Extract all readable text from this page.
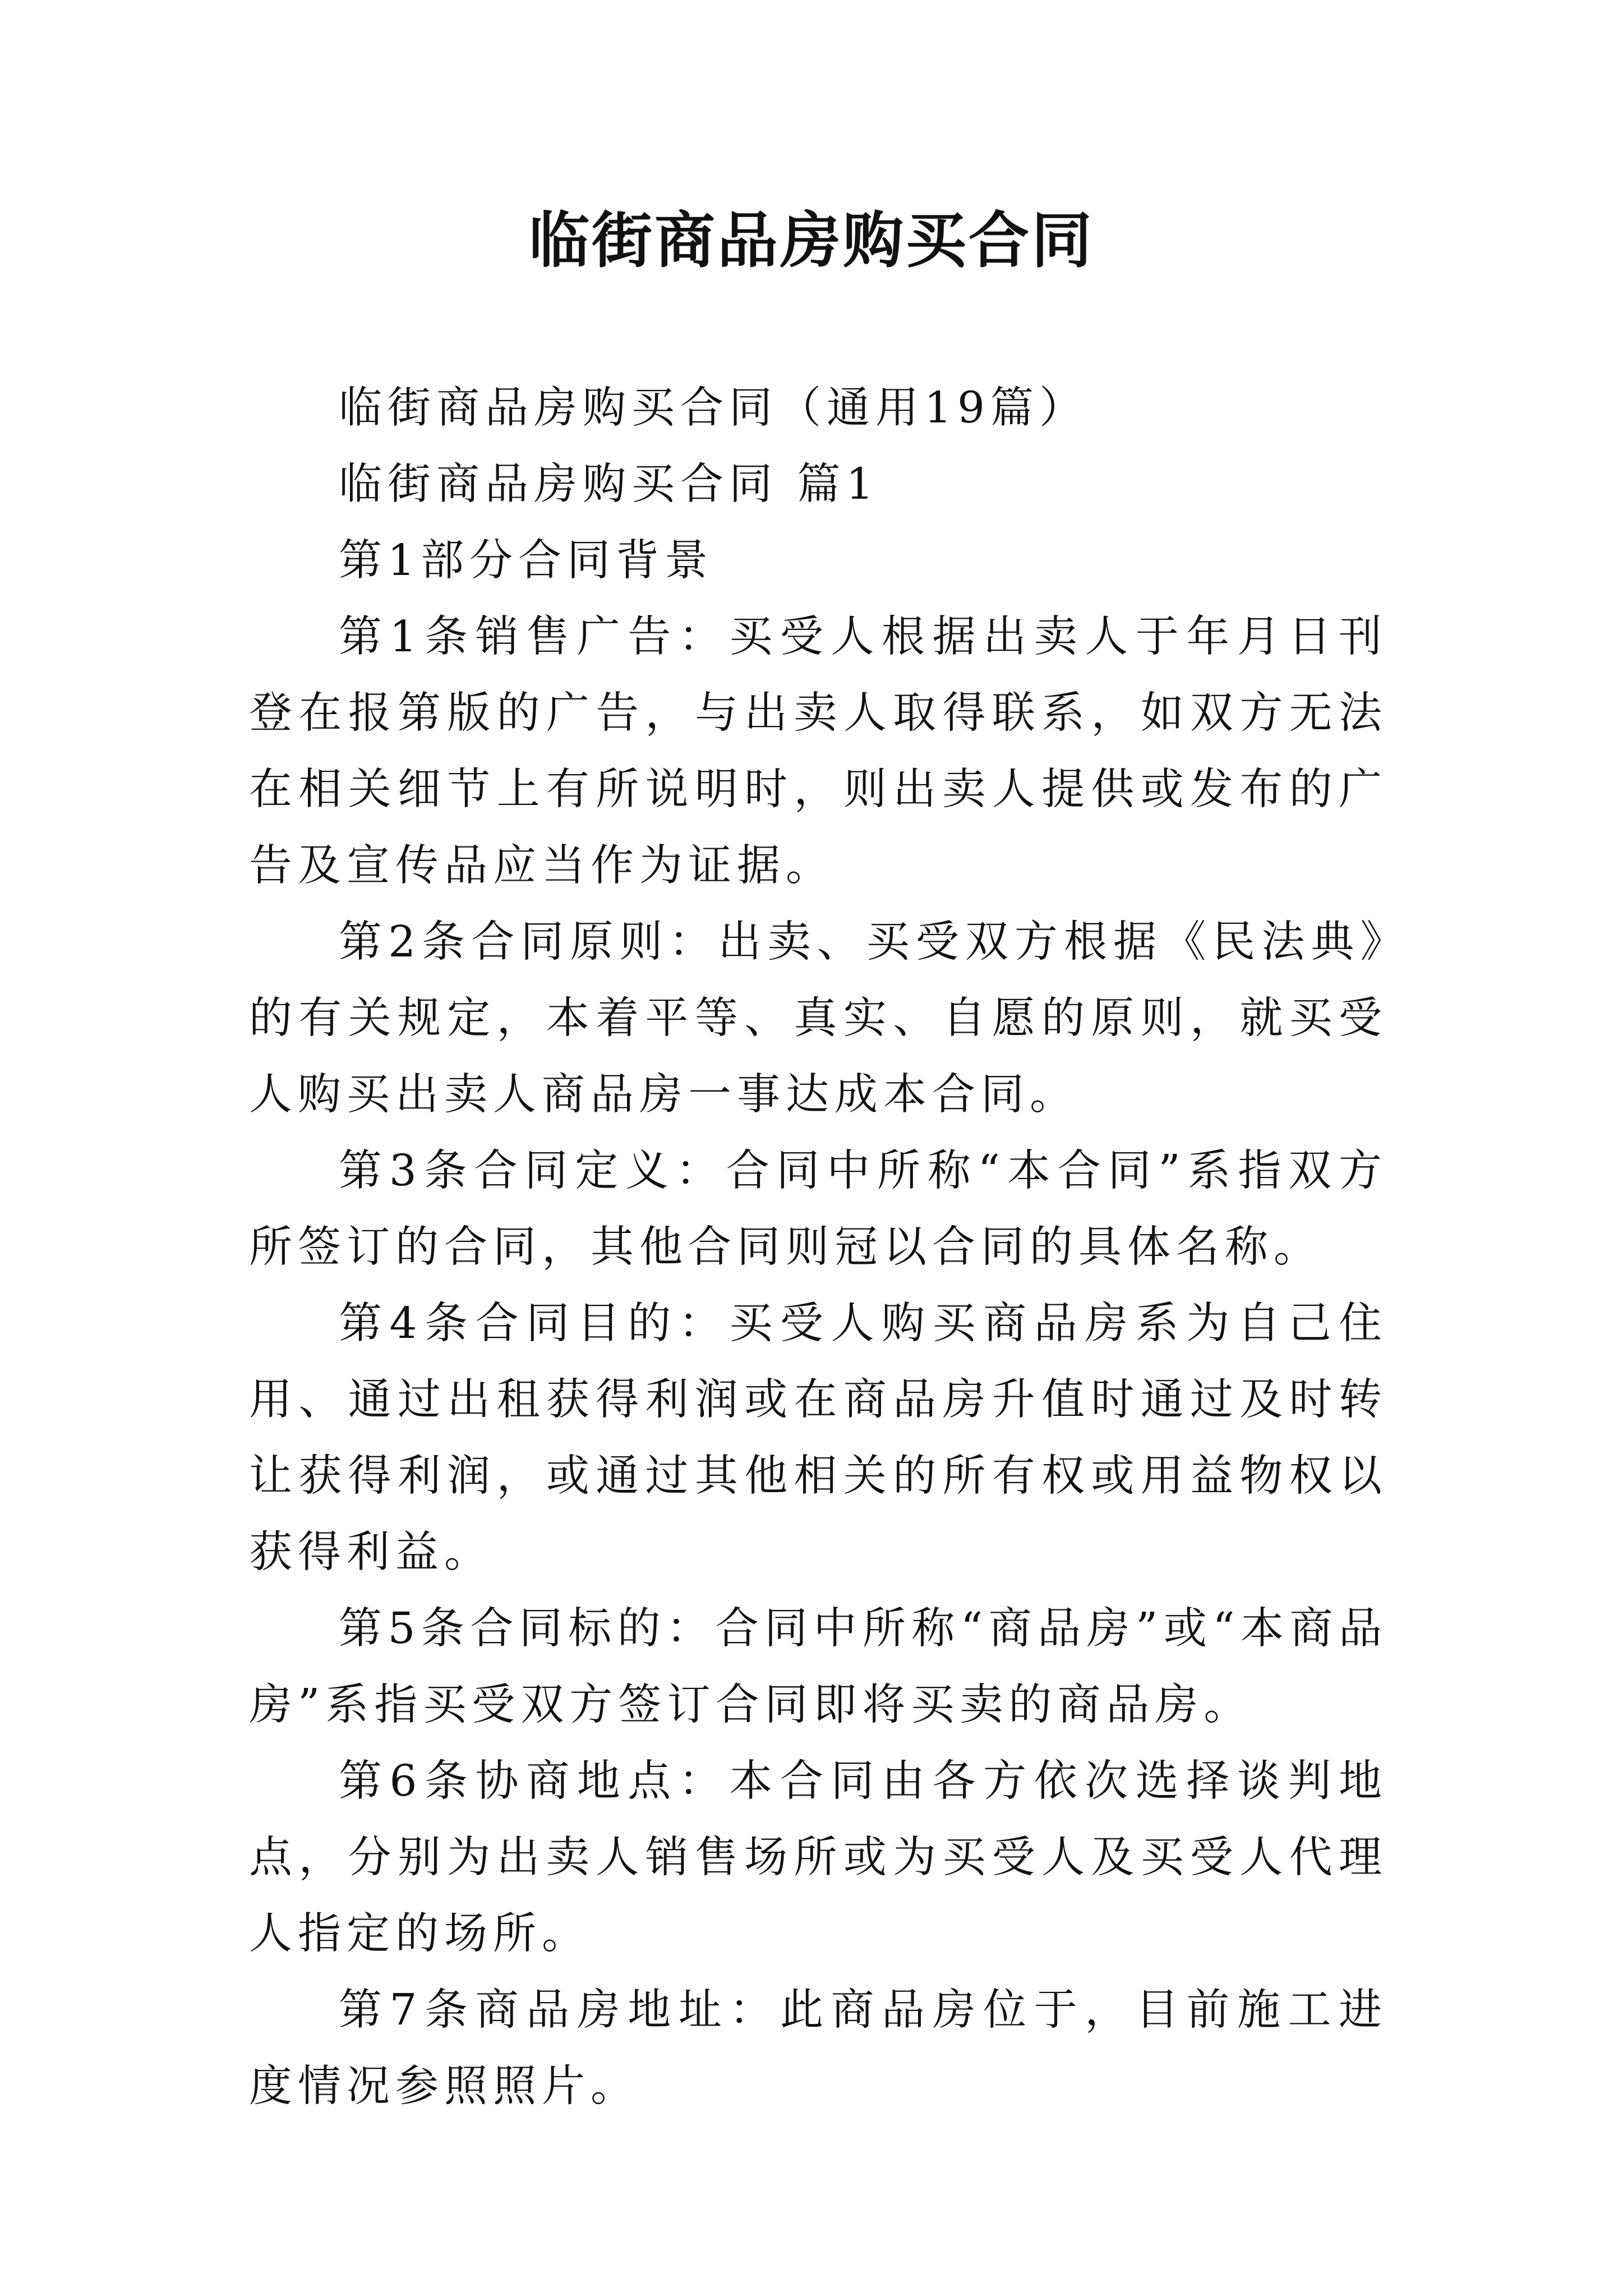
临街商品房购买合同

临街商品房购买合同（通用19篇）

临街商品房购买合同 篇1

第1部分合同背景

第1条销售广告：买受人根据出卖人于年月日刊登在报第版的广告，与出卖人取得联系，如双方无法在相关细节上有所说明时，则出卖人提供或发布的广告及宣传品应当作为证据。

第2条合同原则：出卖、买受双方根据《民法典》的有关规定，本着平等、真实、自愿的原则，就买受人购买出卖人商品房一事达成本合同。

第3条合同定义：合同中所称“本合同”系指双方所签订的合同，其他合同则冠以合同的具体名称。

第4条合同目的：买受人购买商品房系为自己住用、通过出租获得利润或在商品房升值时通过及时转让获得利润，或通过其他相关的所有权或用益物权以获得利益。

第5条合同标的：合同中所称“商品房”或“本商品房”系指买受双方签订合同即将买卖的商品房。

第6条协商地点：本合同由各方依次选择谈判地点，分别为出卖人销售场所或为买受人及买受人代理人指定的场所。

第7条商品房地址：此商品房位于，目前施工进度情况参照照片。
